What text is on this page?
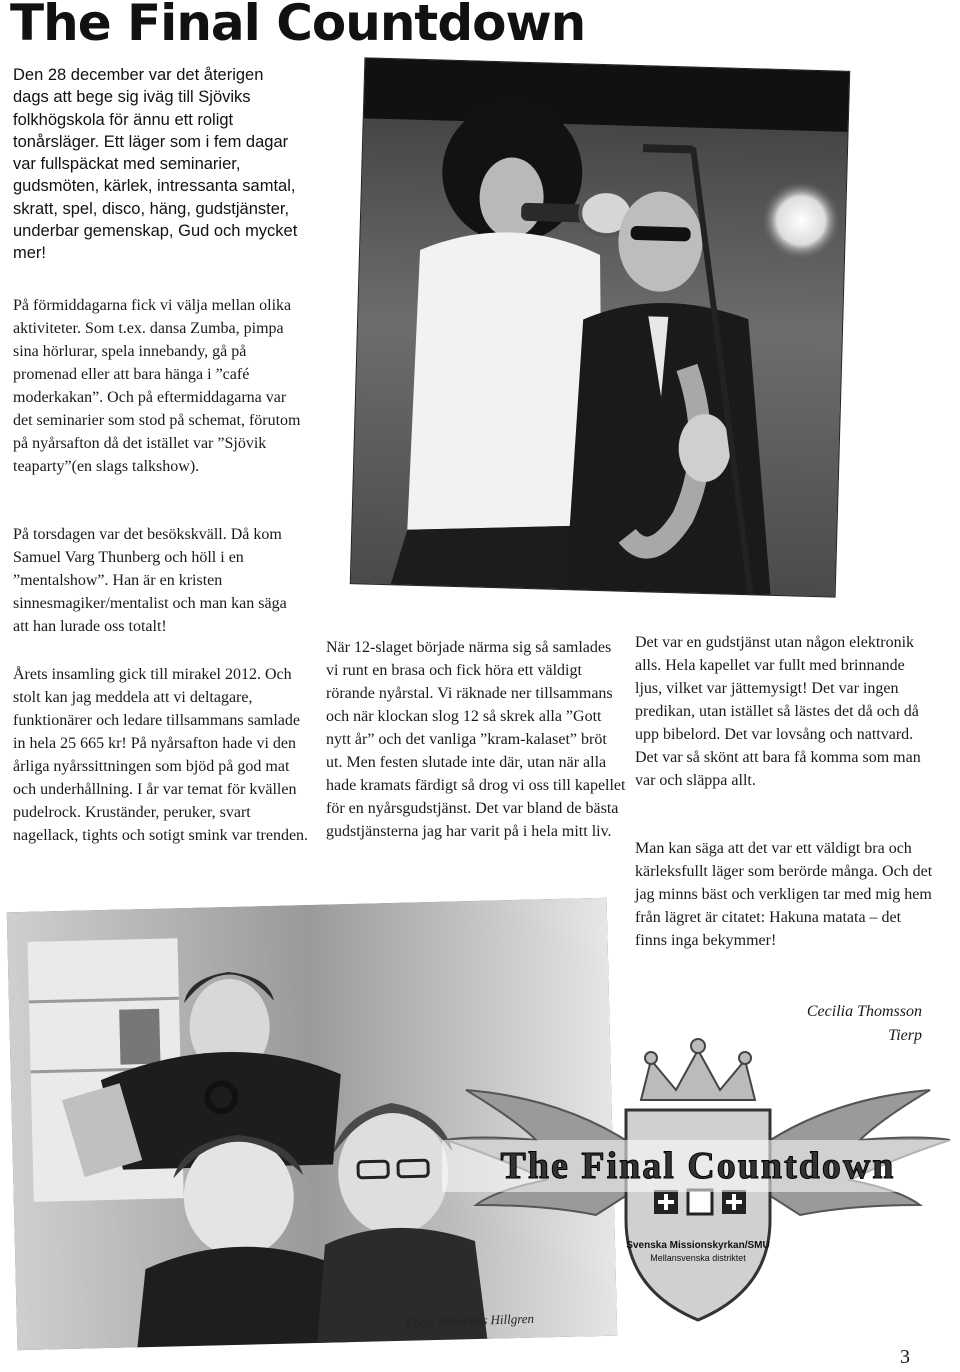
The Final Countdown

Den 28 december var det återigen dags att bege sig iväg till Sjöviks folkhögskola för ännu ett roligt tonårsläger. Ett läger som i fem dagar var fullspäckat med seminarier, gudsmöten, kärlek, intressanta samtal, skratt, spel, disco, häng, gudstjänster, underbar gemenskap, Gud och mycket mer!

På förmiddagarna fick vi välja mellan olika aktiviteter. Som t.ex. dansa Zumba, pimpa sina hörlurar, spela innebandy, gå på promenad eller att bara hänga i ”café moderkakan”. Och på eftermiddagarna var det seminarier som stod på schemat, förutom på nyårsafton då det istället var ”Sjövik teaparty”(en slags talkshow).

På torsdagen var det besökskväll. Då kom Samuel Varg Thunberg och höll i en ”mentalshow”. Han är en kristen sinnesmagiker/mentalist och man kan säga att han lurade oss totalt!

Årets insamling gick till mirakel 2012. Och stolt kan jag meddela att vi deltagare, funktionärer och ledare tillsammans samlade in hela 25 665 kr! På nyårsafton hade vi den årliga nyårssittningen som bjöd på god mat och underhållning. I år var temat för kvällen pudelrock. Kruständer, peruker, svart nagellack, tights och sotigt smink var trenden.

När 12-slaget började närma sig så samlades vi runt en brasa och fick höra ett väldigt rörande nyårstal. Vi räknade ner tillsammans och när klockan slog 12 så skrek alla ”Gott nytt år” och det vanliga ”kram-kalaset” bröt ut. Men festen slutade inte där, utan när alla hade kramats färdigt så drog vi oss till kapellet för en nyårsgudstjänst. Det var bland de bästa gudstjänsterna jag har varit på i hela mitt liv.

Det var en gudstjänst utan någon elektronik alls. Hela kapellet var fullt med brinnande ljus, vilket var jättemysigt! Det var ingen predikan, utan istället så lästes det då och då upp bibelord. Det var lovsång och nattvard. Det var så skönt att bara få komma som man var och släppa allt.

Man kan säga att det var ett väldigt bra och kärleksfullt läger som berörde många. Och det jag minns bäst och verkligen tar med mig hem från lägret är citatet: Hakuna matata – det finns inga bekymmer!

Cecilia Thomsson
Tierp
The Final Countdown
Svenska Missionskyrkan/SMU
Mellansvenska distriktet
Foto: Johannes Hillgren
3
